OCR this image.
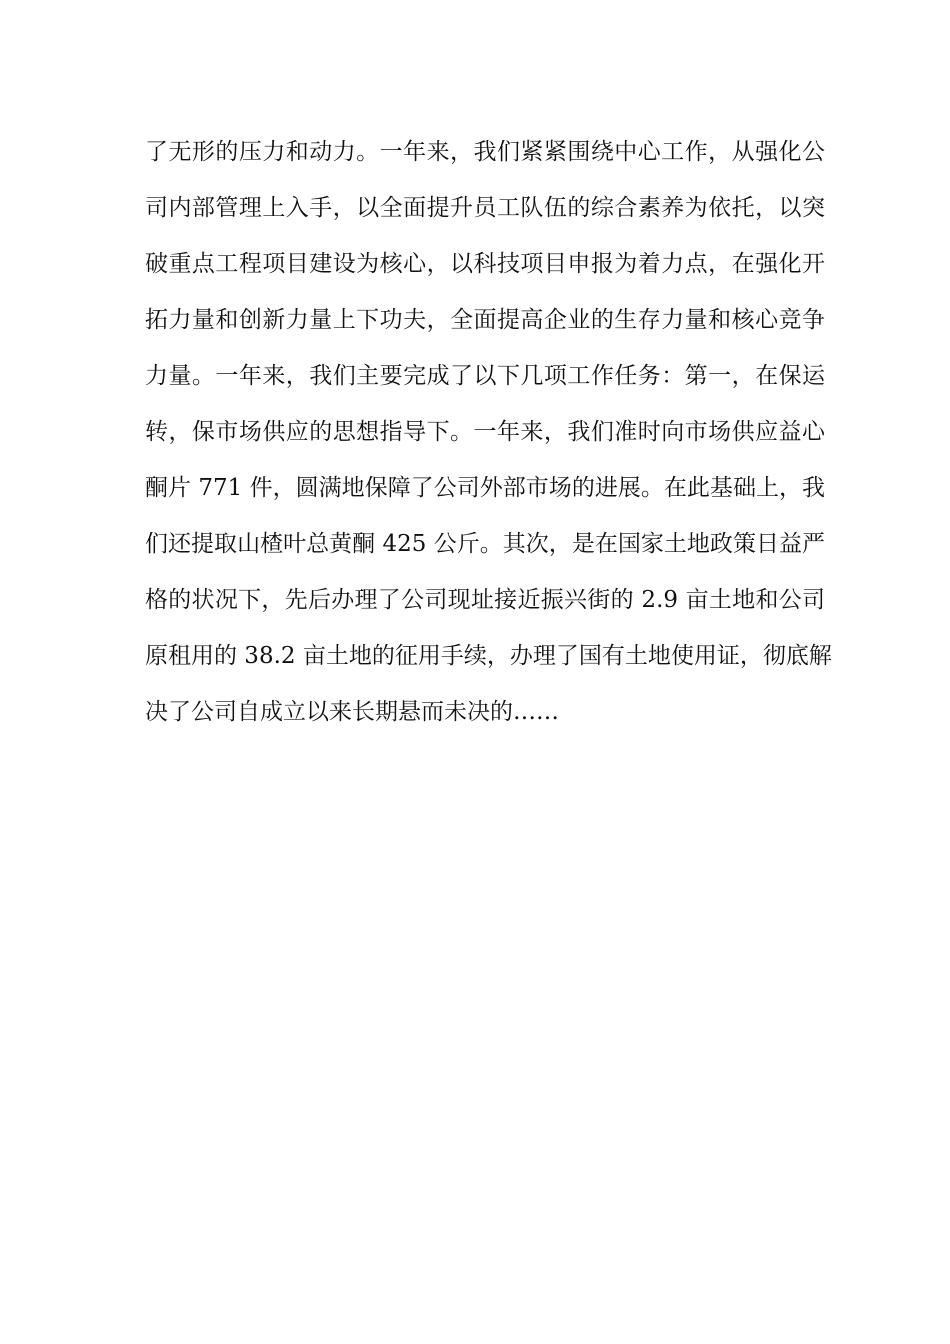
了无形的压力和动力。一年来，我们紧紧围绕中心工作，从强化公
司内部管理上入手，以全面提升员工队伍的综合素养为依托，以突
破重点工程项目建设为核心，以科技项目申报为着力点，在强化开
拓力量和创新力量上下功夫，全面提高企业的生存力量和核心竞争
力量。一年来，我们主要完成了以下几项工作任务：第一，在保运
转，保市场供应的思想指导下。一年来，我们准时向市场供应益心
酮片 771 件，圆满地保障了公司外部市场的进展。在此基础上，我
们还提取山楂叶总黄酮 425 公斤。其次，是在国家土地政策日益严
格的状况下，先后办理了公司现址接近振兴街的 2.9 亩土地和公司
原租用的 38.2 亩土地的征用手续，办理了国有土地使用证，彻底解
决了公司自成立以来长期悬而未决的……
